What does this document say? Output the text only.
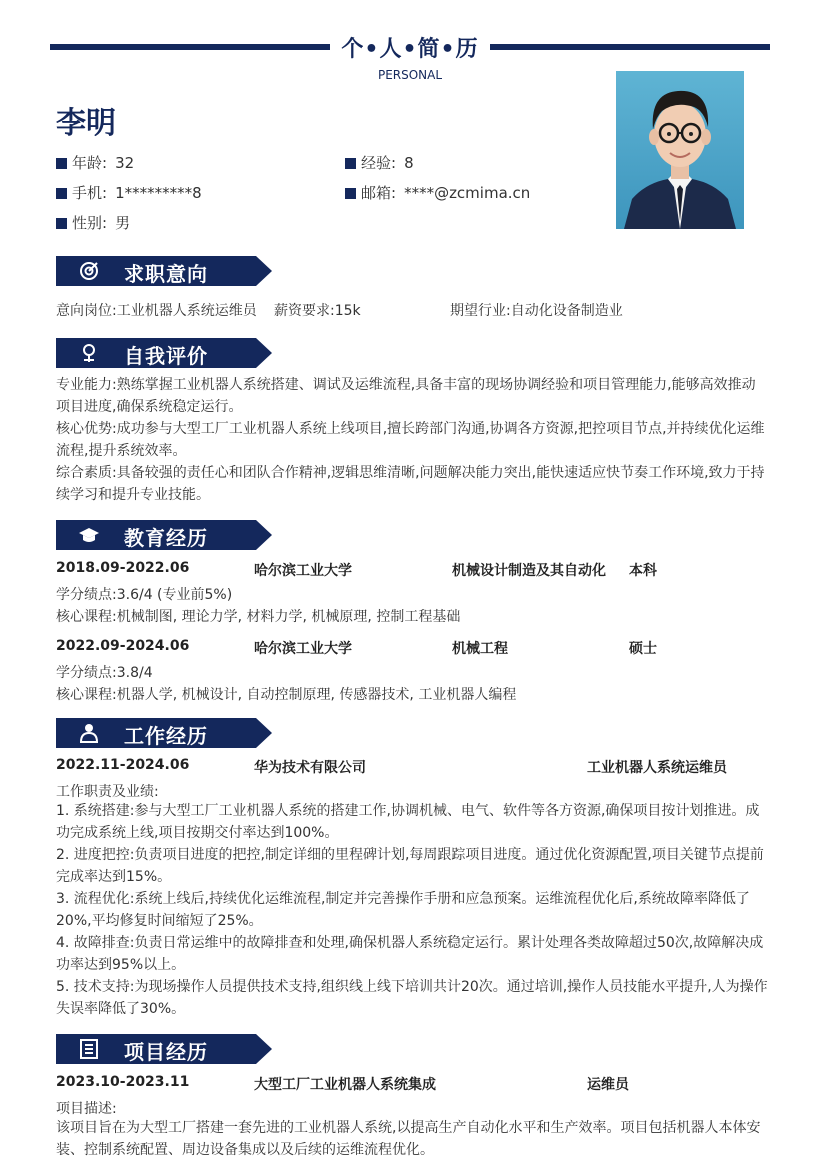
个•人•简•历
PERSONAL
李明
年龄: 32	经验: 8
手机: 1*********8	邮箱: ****@zcmima.cn
性别: 男
求职意向
意向岗位:工业机器人系统运维员 薪资要求:15k	期望行业:自动化设备制造业
自我评价
专业能力:熟练掌握工业机器人系统搭建、调试及运维流程,具备丰富的现场协调经验和项目管理能力,能够高效推动项目进度,确保系统稳定运行。
核心优势:成功参与大型工厂工业机器人系统上线项目,擅长跨部门沟通,协调各方资源,把控项目节点,并持续优化运维流程,提升系统效率。
综合素质:具备较强的责任心和团队合作精神,逻辑思维清晰,问题解决能力突出,能快速适应快节奏工作环境,致力于持续学习和提升专业技能。
教育经历
2018.09-2022.06	哈尔滨工业大学	机械设计制造及其自动化 本科
学分绩点:3.6/4 (专业前5%)
核心课程:机械制图, 理论力学, 材料力学, 机械原理, 控制工程基础
2022.09-2024.06	哈尔滨工业大学	机械工程	硕士
学分绩点:3.8/4
核心课程:机器人学, 机械设计, 自动控制原理, 传感器技术, 工业机器人编程
工作经历
2022.11-2024.06	华为技术有限公司	工业机器人系统运维员
工作职责及业绩:
1. 系统搭建:参与大型工厂工业机器人系统的搭建工作,协调机械、电气、软件等各方资源,确保项目按计划推进。成功完成系统上线,项目按期交付率达到100%。
2. 进度把控:负责项目进度的把控,制定详细的里程碑计划,每周跟踪项目进度。通过优化资源配置,项目关键节点提前完成率达到15%。
3. 流程优化:系统上线后,持续优化运维流程,制定并完善操作手册和应急预案。运维流程优化后,系统故障率降低了20%,平均修复时间缩短了25%。
4. 故障排查:负责日常运维中的故障排查和处理,确保机器人系统稳定运行。累计处理各类故障超过50次,故障解决成功率达到95%以上。
5. 技术支持:为现场操作人员提供技术支持,组织线上线下培训共计20次。通过培训,操作人员技能水平提升,人为操作失误率降低了30%。
项目经历
2023.10-2023.11	大型工厂工业机器人系统集成	运维员
项目描述:
该项目旨在为大型工厂搭建一套先进的工业机器人系统,以提高生产自动化水平和生产效率。项目包括机器人本体安装、控制系统配置、周边设备集成以及后续的运维流程优化。
